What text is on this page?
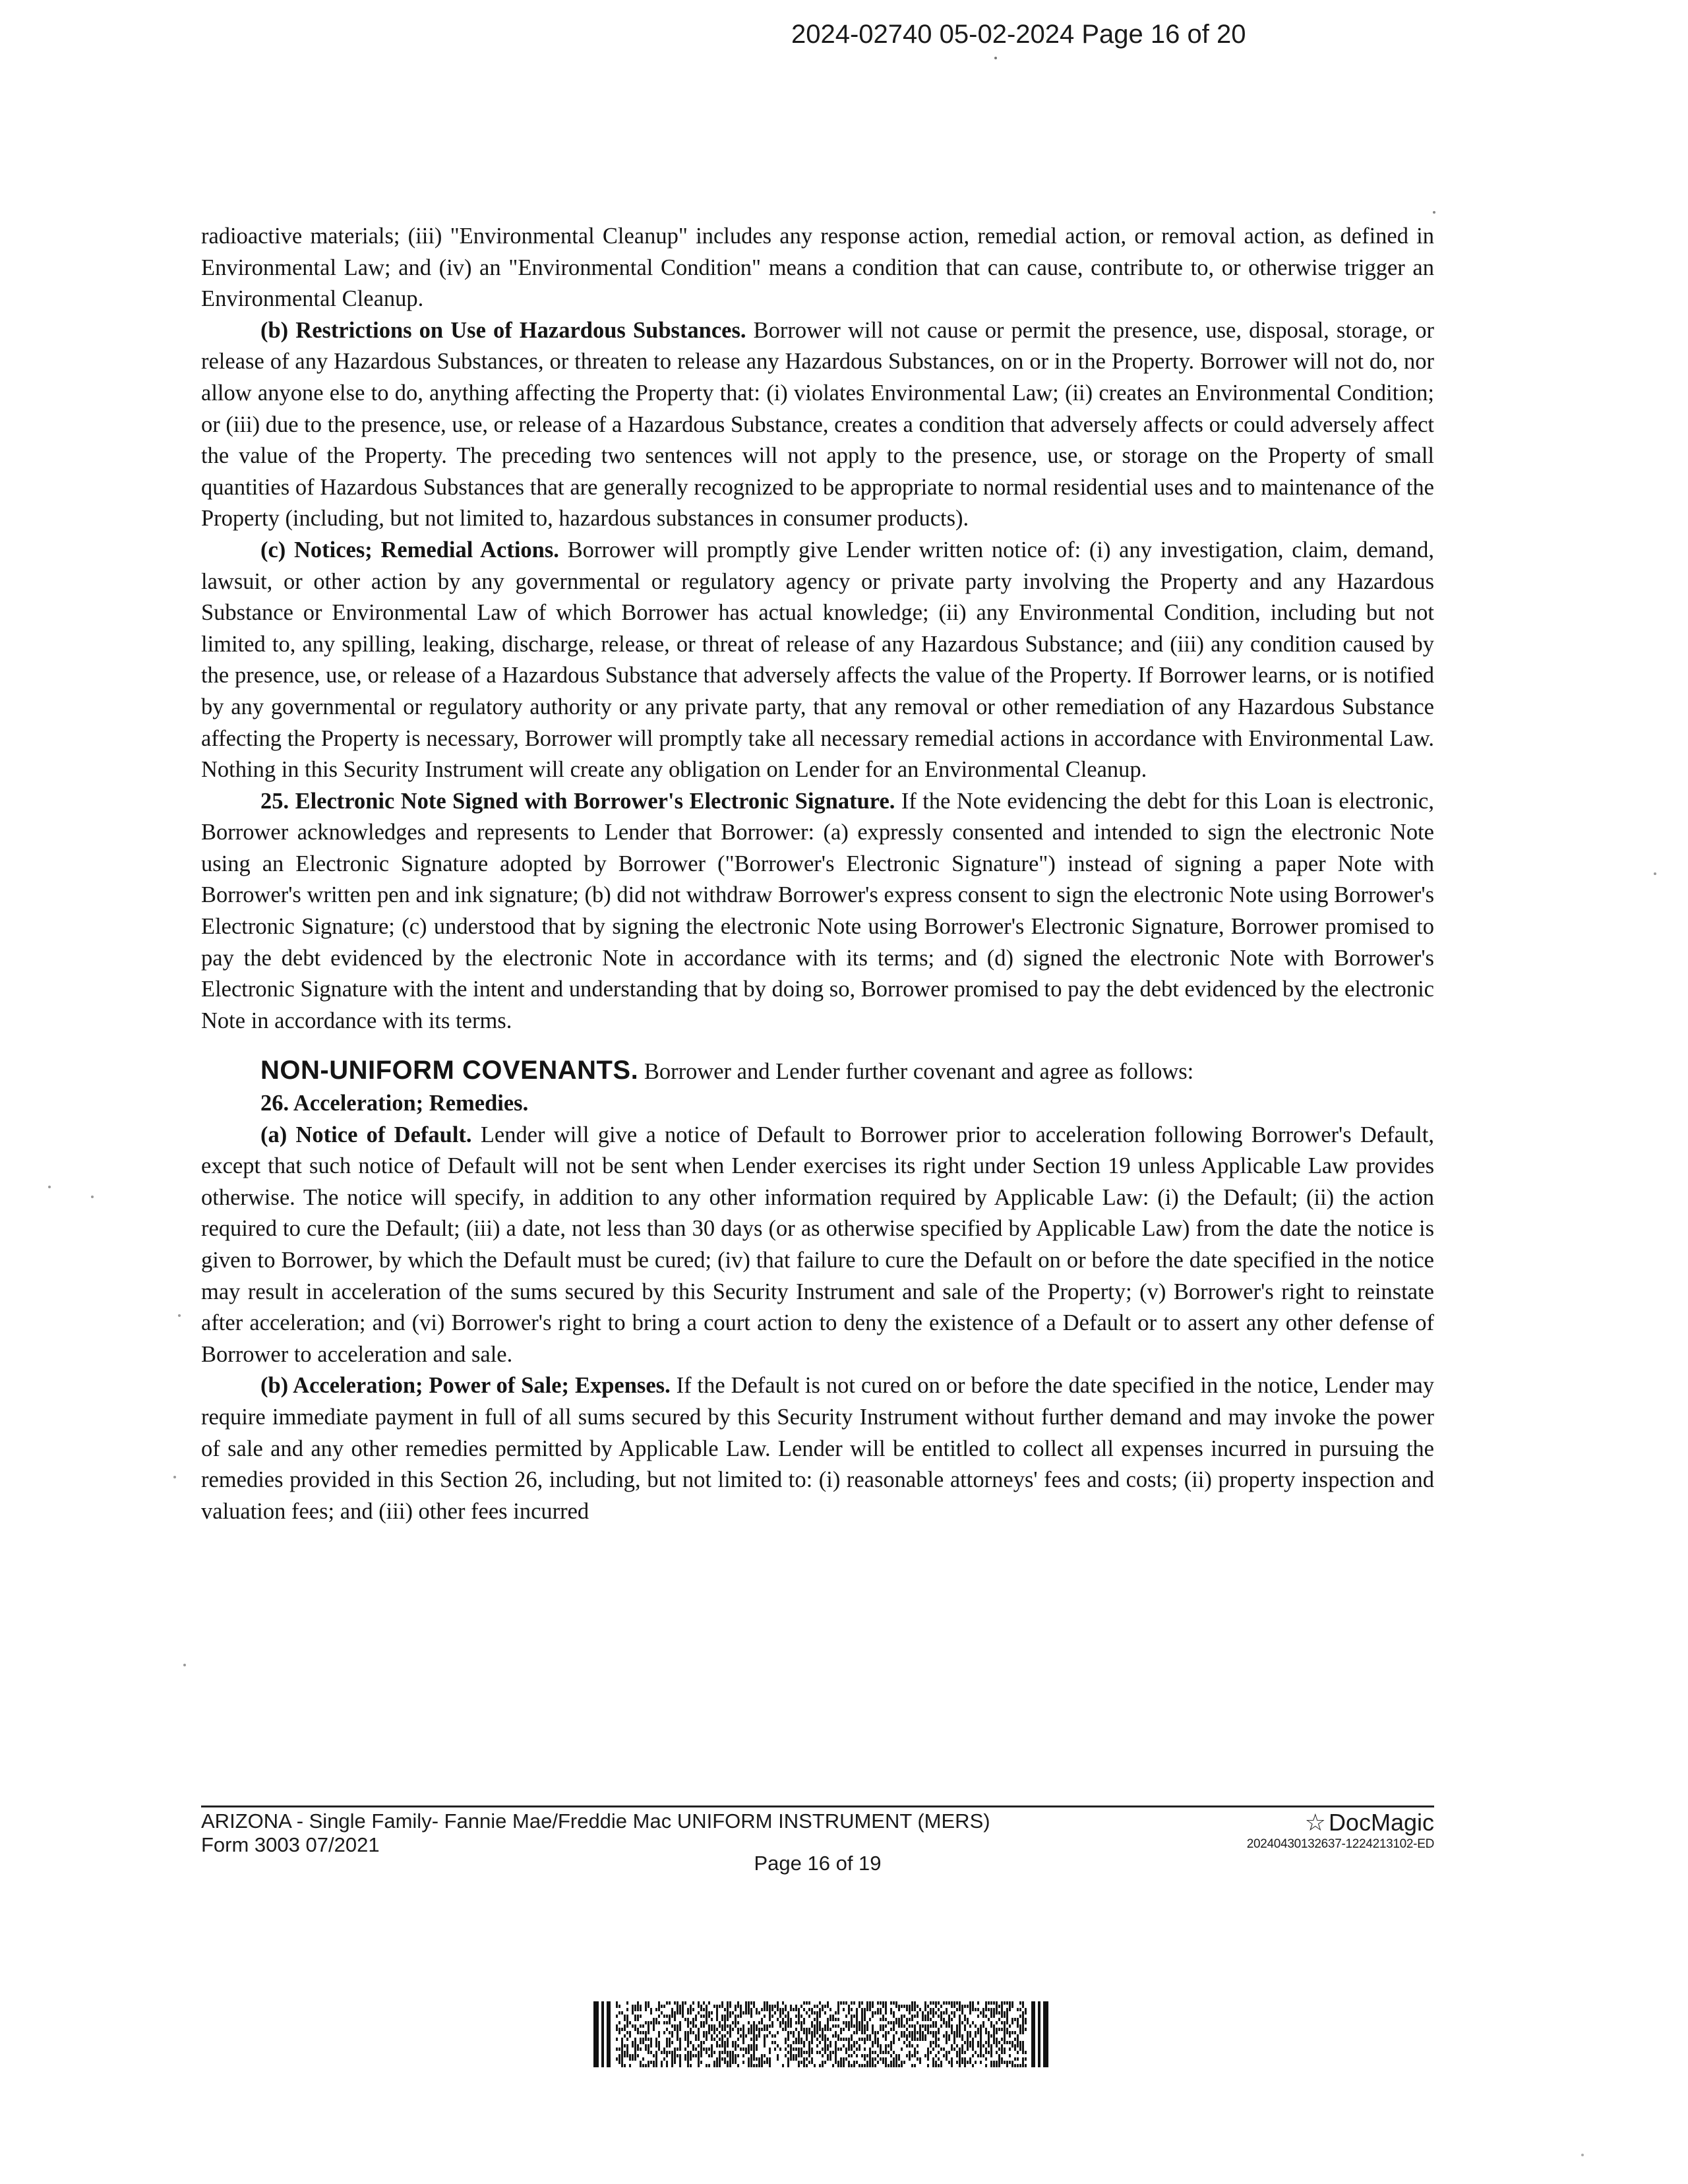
2024-02740 05-02-2024 Page 16 of 20

radioactive materials; (iii) "Environmental Cleanup" includes any response action, remedial action, or removal action, as defined in Environmental Law; and (iv) an "Environmental Condition" means a condition that can cause, contribute to, or otherwise trigger an Environmental Cleanup.

(b) Restrictions on Use of Hazardous Substances. Borrower will not cause or permit the presence, use, disposal, storage, or release of any Hazardous Substances, or threaten to release any Hazardous Substances, on or in the Property. Borrower will not do, nor allow anyone else to do, anything affecting the Property that: (i) violates Environmental Law; (ii) creates an Environmental Condition; or (iii) due to the presence, use, or release of a Hazardous Substance, creates a condition that adversely affects or could adversely affect the value of the Property. The preceding two sentences will not apply to the presence, use, or storage on the Property of small quantities of Hazardous Substances that are generally recognized to be appropriate to normal residential uses and to maintenance of the Property (including, but not limited to, hazardous substances in consumer products).

(c) Notices; Remedial Actions. Borrower will promptly give Lender written notice of: (i) any investigation, claim, demand, lawsuit, or other action by any governmental or regulatory agency or private party involving the Property and any Hazardous Substance or Environmental Law of which Borrower has actual knowledge; (ii) any Environmental Condition, including but not limited to, any spilling, leaking, discharge, release, or threat of release of any Hazardous Substance; and (iii) any condition caused by the presence, use, or release of a Hazardous Substance that adversely affects the value of the Property. If Borrower learns, or is notified by any governmental or regulatory authority or any private party, that any removal or other remediation of any Hazardous Substance affecting the Property is necessary, Borrower will promptly take all necessary remedial actions in accordance with Environmental Law. Nothing in this Security Instrument will create any obligation on Lender for an Environmental Cleanup.

25. Electronic Note Signed with Borrower's Electronic Signature. If the Note evidencing the debt for this Loan is electronic, Borrower acknowledges and represents to Lender that Borrower: (a) expressly consented and intended to sign the electronic Note using an Electronic Signature adopted by Borrower ("Borrower's Electronic Signature") instead of signing a paper Note with Borrower's written pen and ink signature; (b) did not withdraw Borrower's express consent to sign the electronic Note using Borrower's Electronic Signature; (c) understood that by signing the electronic Note using Borrower's Electronic Signature, Borrower promised to pay the debt evidenced by the electronic Note in accordance with its terms; and (d) signed the electronic Note with Borrower's Electronic Signature with the intent and understanding that by doing so, Borrower promised to pay the debt evidenced by the electronic Note in accordance with its terms.

NON-UNIFORM COVENANTS. Borrower and Lender further covenant and agree as follows:

26. Acceleration; Remedies.

(a) Notice of Default. Lender will give a notice of Default to Borrower prior to acceleration following Borrower's Default, except that such notice of Default will not be sent when Lender exercises its right under Section 19 unless Applicable Law provides otherwise. The notice will specify, in addition to any other information required by Applicable Law: (i) the Default; (ii) the action required to cure the Default; (iii) a date, not less than 30 days (or as otherwise specified by Applicable Law) from the date the notice is given to Borrower, by which the Default must be cured; (iv) that failure to cure the Default on or before the date specified in the notice may result in acceleration of the sums secured by this Security Instrument and sale of the Property; (v) Borrower's right to reinstate after acceleration; and (vi) Borrower's right to bring a court action to deny the existence of a Default or to assert any other defense of Borrower to acceleration and sale.

(b) Acceleration; Power of Sale; Expenses. If the Default is not cured on or before the date specified in the notice, Lender may require immediate payment in full of all sums secured by this Security Instrument without further demand and may invoke the power of sale and any other remedies permitted by Applicable Law. Lender will be entitled to collect all expenses incurred in pursuing the remedies provided in this Section 26, including, but not limited to: (i) reasonable attorneys' fees and costs; (ii) property inspection and valuation fees; and (iii) other fees incurred

ARIZONA - Single Family- Fannie Mae/Freddie Mac UNIFORM INSTRUMENT (MERS)
Form 3003 07/2021
Page 16 of 19
☆ DocMagic
20240430132637-1224213102-ED
